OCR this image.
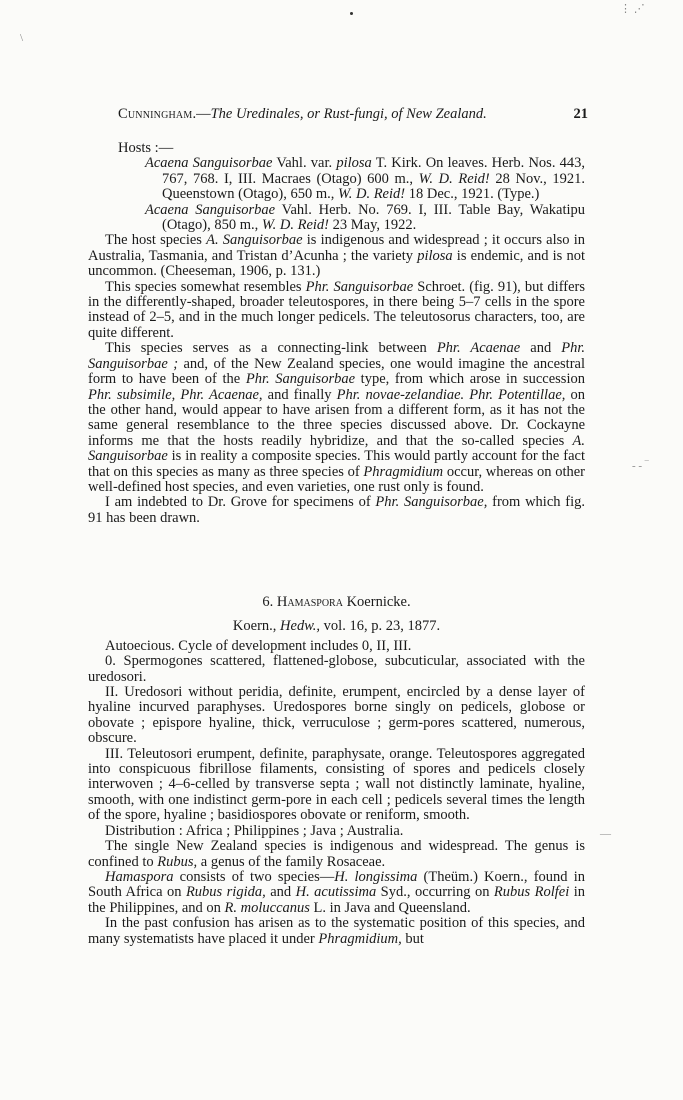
⋮ ⋰
\
- - ‾
—
Cunningham.—The Uredinales, or Rust-fungi, of New Zealand.	21

Hosts :—

Acaena Sanguisorbae Vahl. var. pilosa T. Kirk. On leaves. Herb. Nos. 443, 767, 768. I, III. Macraes (Otago) 600 m., W. D. Reid! 28 Nov., 1921. Queenstown (Otago), 650 m., W. D. Reid! 18 Dec., 1921. (Type.)

Acaena Sanguisorbae Vahl. Herb. No. 769. I, III. Table Bay, Wakatipu (Otago), 850 m., W. D. Reid! 23 May, 1922.

The host species A. Sanguisorbae is indigenous and widespread ; it occurs also in Australia, Tasmania, and Tristan d’Acunha ; the variety pilosa is endemic, and is not uncommon. (Cheeseman, 1906, p. 131.)

This species somewhat resembles Phr. Sanguisorbae Schroet. (fig. 91), but differs in the differently-shaped, broader teleutospores, in there being 5–7 cells in the spore instead of 2–5, and in the much longer pedicels. The teleutosorus characters, too, are quite different.

This species serves as a connecting-link between Phr. Acaenae and Phr. Sanguisorbae ; and, of the New Zealand species, one would imagine the ancestral form to have been of the Phr. Sanguisorbae type, from which arose in succession Phr. subsimile, Phr. Acaenae, and finally Phr. novae-zelandiae. Phr. Potentillae, on the other hand, would appear to have arisen from a different form, as it has not the same general resemblance to the three species discussed above. Dr. Cockayne informs me that the hosts readily hybridize, and that the so-called species A. Sanguisorbae is in reality a composite species. This would partly account for the fact that on this species as many as three species of Phragmidium occur, whereas on other well-defined host species, and even varieties, one rust only is found.

I am indebted to Dr. Grove for specimens of Phr. Sanguisorbae, from which fig. 91 has been drawn.

6. Hamaspora Koernicke.

Koern., Hedw., vol. 16, p. 23, 1877.

Autoecious. Cycle of development includes 0, II, III.

0. Spermogones scattered, flattened-globose, subcuticular, associated with the uredosori.

II. Uredosori without peridia, definite, erumpent, encircled by a dense layer of hyaline incurved paraphyses. Uredospores borne singly on pedicels, globose or obovate ; epispore hyaline, thick, verruculose ; germ-pores scattered, numerous, obscure.

III. Teleutosori erumpent, definite, paraphysate, orange. Teleutospores aggregated into conspicuous fibrillose filaments, consisting of spores and pedicels closely interwoven ; 4–6-celled by transverse septa ; wall not distinctly laminate, hyaline, smooth, with one indistinct germ-pore in each cell ; pedicels several times the length of the spore, hyaline ; basidiospores obovate or reniform, smooth.

Distribution : Africa ; Philippines ; Java ; Australia.

The single New Zealand species is indigenous and widespread. The genus is confined to Rubus, a genus of the family Rosaceae.

Hamaspora consists of two species—H. longissima (Theüm.) Koern., found in South Africa on Rubus rigida, and H. acutissima Syd., occurring on Rubus Rolfei in the Philippines, and on R. moluccanus L. in Java and Queensland.

In the past confusion has arisen as to the systematic position of this species, and many systematists have placed it under Phragmidium, but
